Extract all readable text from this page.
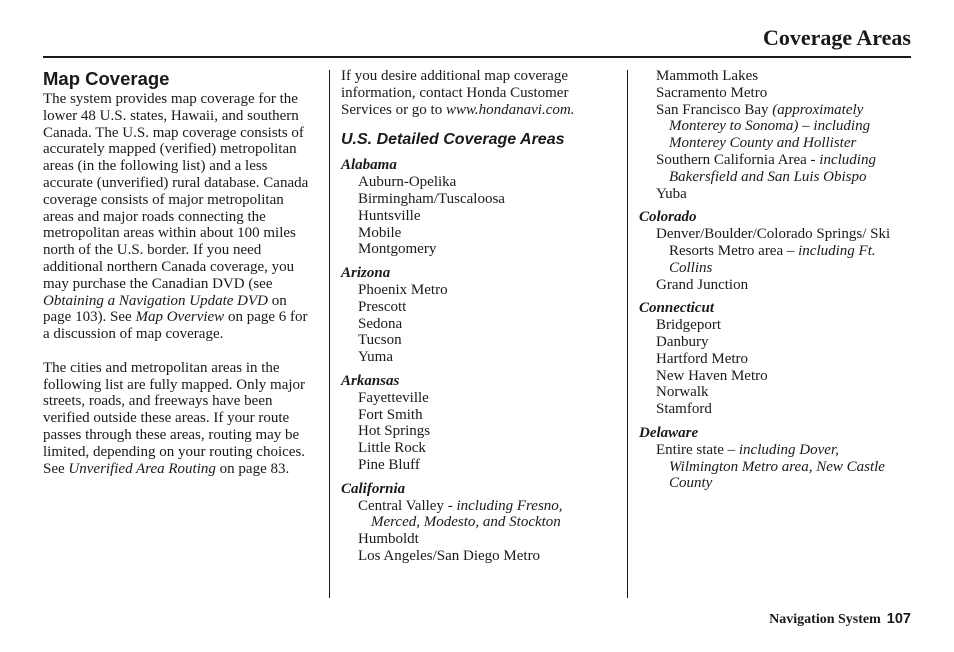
Coverage Areas
Map Coverage

The system provides map coverage for the lower 48 U.S. states, Hawaii, and southern Canada. The U.S. map coverage consists of accurately mapped (verified) metropolitan areas (in the following list) and a less accurate (unverified) rural database. Canada coverage consists of major metropolitan areas and major roads connecting the metropolitan areas within about 100 miles north of the U.S. border. If you need additional northern Canada coverage, you may purchase the Canadian DVD (see Obtaining a Navigation Update DVD on page 103). See Map Overview on page 6 for a discussion of map coverage.

The cities and metropolitan areas in the following list are fully mapped. Only major streets, roads, and freeways have been verified outside these areas. If your route passes through these areas, routing may be limited, depending on your routing choices. See Unverified Area Routing on page 83.

If you desire additional map coverage information, contact Honda Customer Services or go to www.hondanavi.com.

U.S. Detailed Coverage Areas
Alabama
Auburn-Opelika
Birmingham/Tuscaloosa
Huntsville
Mobile
Montgomery
Arizona
Phoenix Metro
Prescott
Sedona
Tucson
Yuma
Arkansas
Fayetteville
Fort Smith
Hot Springs
Little Rock
Pine Bluff
California
Central Valley - including Fresno, Merced, Modesto, and Stockton
Humboldt
Los Angeles/San Diego Metro
Mammoth Lakes
Sacramento Metro
San Francisco Bay (approximately Monterey to Sonoma) – including Monterey County and Hollister
Southern California Area - including Bakersfield and San Luis Obispo
Yuba
Colorado
Denver/Boulder/Colorado Springs/ Ski Resorts Metro area – including Ft. Collins
Grand Junction
Connecticut
Bridgeport
Danbury
Hartford Metro
New Haven Metro
Norwalk
Stamford
Delaware
Entire state – including Dover, Wilmington Metro area, New Castle County
Navigation System 107
